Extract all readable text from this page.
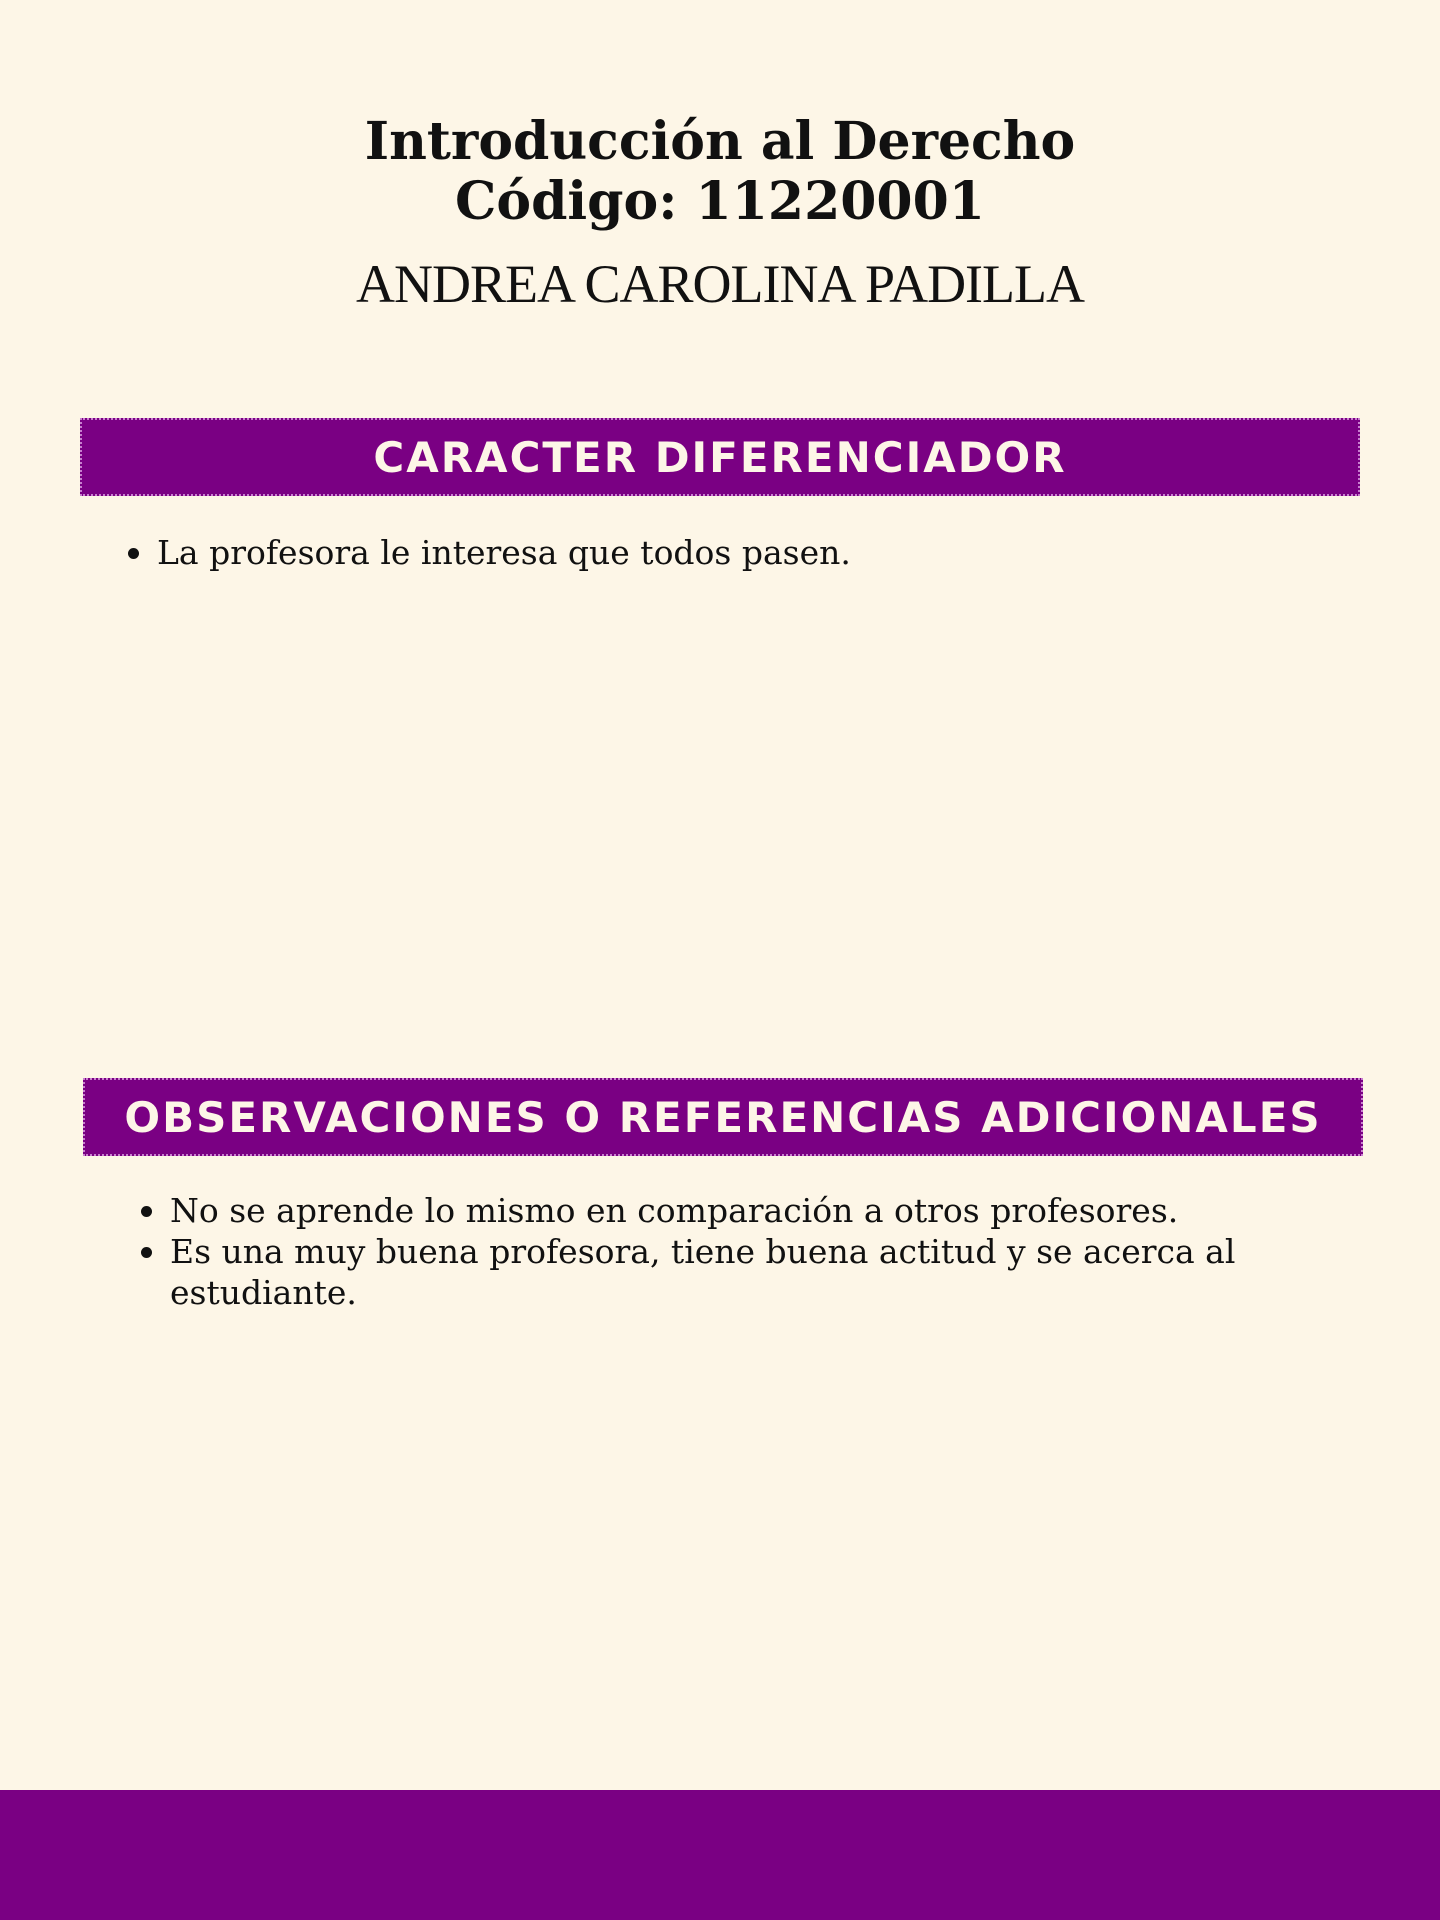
Introducción al Derecho
Código: 11220001
ANDREA CAROLINA PADILLA
CARACTER DIFERENCIADOR
La profesora le interesa que todos pasen.
OBSERVACIONES O REFERENCIAS ADICIONALES
No se aprende lo mismo en comparación a otros profesores.
Es una muy buena profesora, tiene buena actitud y se acerca al estudiante.
